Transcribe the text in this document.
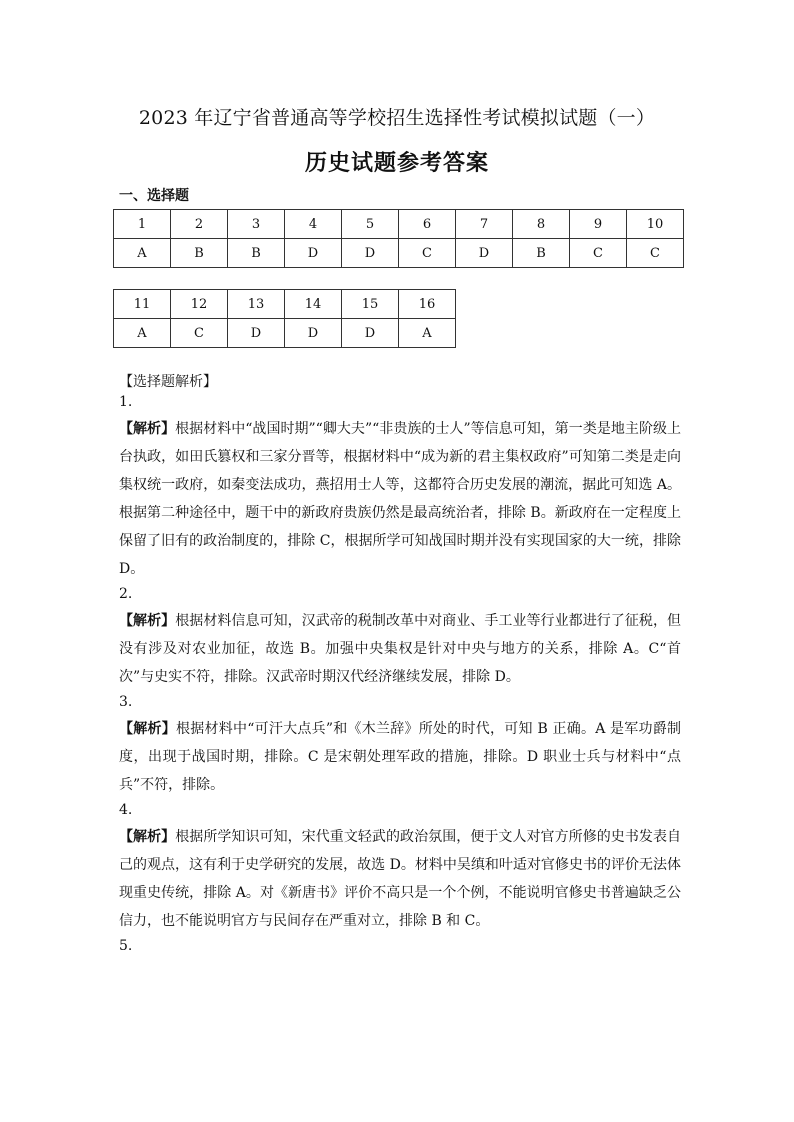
2023 年辽宁省普通高等学校招生选择性考试模拟试题（一）
历史试题参考答案
一、选择题
1	2	3	4	5	6	7	8	9	10
A	B	B	D	D	C	D	B	C	C
11	12	13	14	15	16
A	C	D	D	D	A
【选择题解析】
1.
【解析】根据材料中“战国时期”“卿大夫”“非贵族的士人”等信息可知，第一类是地主阶级上台执政，如田氏篡权和三家分晋等，根据材料中“成为新的君主集权政府”可知第二类是走向集权统一政府，如秦变法成功，燕招用士人等，这都符合历史发展的潮流，据此可知选 A。根据第二种途径中，题干中的新政府贵族仍然是最高统治者，排除 B。新政府在一定程度上保留了旧有的政治制度的，排除 C，根据所学可知战国时期并没有实现国家的大一统，排除 D。
2.
【解析】根据材料信息可知，汉武帝的税制改革中对商业、手工业等行业都进行了征税，但没有涉及对农业加征，故选 B。加强中央集权是针对中央与地方的关系，排除 A。C“首次”与史实不符，排除。汉武帝时期汉代经济继续发展，排除 D。
3.
【解析】根据材料中“可汗大点兵”和《木兰辞》所处的时代，可知 B 正确。A 是军功爵制度，出现于战国时期，排除。C 是宋朝处理军政的措施，排除。D 职业士兵与材料中“点兵”不符，排除。
4.
【解析】根据所学知识可知，宋代重文轻武的政治氛围，便于文人对官方所修的史书发表自己的观点，这有利于史学研究的发展，故选 D。材料中吴缜和叶适对官修史书的评价无法体现重史传统，排除 A。对《新唐书》评价不高只是一个个例，不能说明官修史书普遍缺乏公信力，也不能说明官方与民间存在严重对立，排除 B 和 C。
5.
